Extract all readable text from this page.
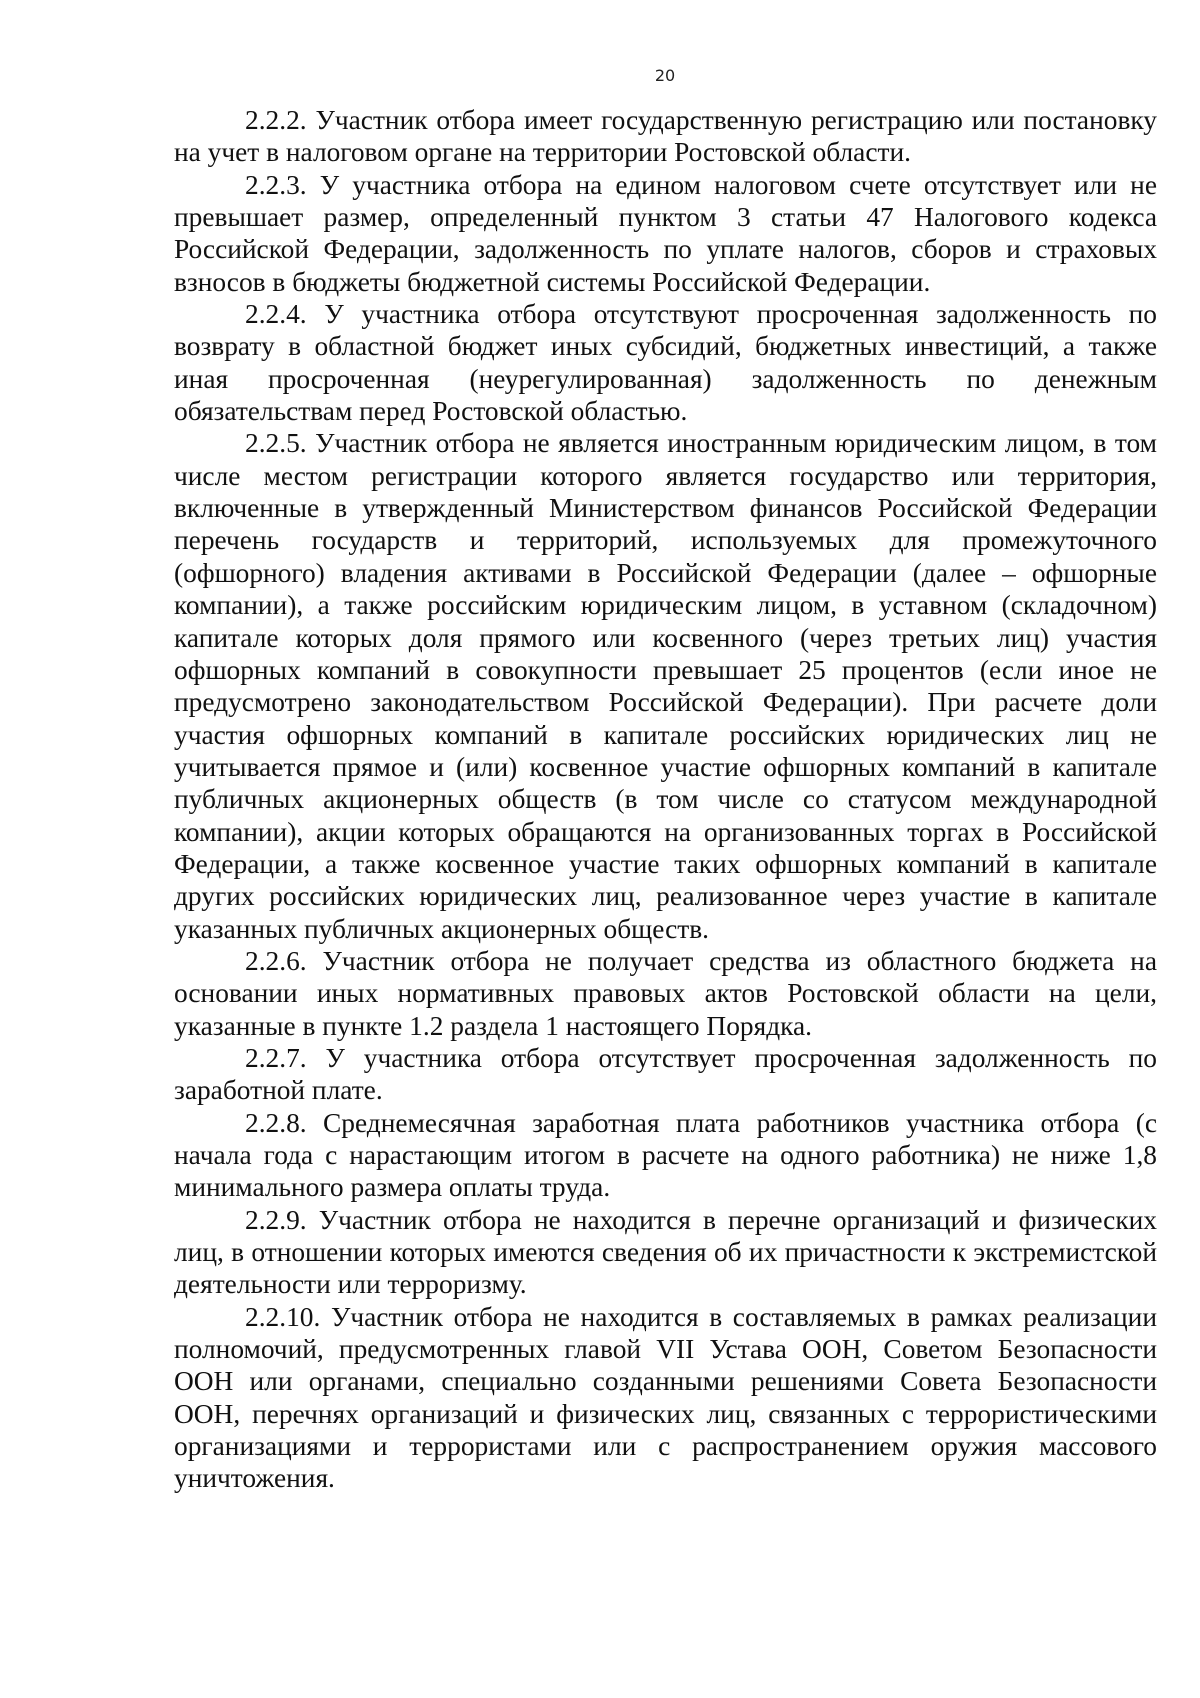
20

2.2.2. Участник отбора имеет государственную регистрацию или постановку на учет в налоговом органе на территории Ростовской области.

2.2.3. У участника отбора на едином налоговом счете отсутствует или не превышает размер, определенный пунктом 3 статьи 47 Налогового кодекса Российской Федерации, задолженность по уплате налогов, сборов и страховых взносов в бюджеты бюджетной системы Российской Федерации.

2.2.4. У участника отбора отсутствуют просроченная задолженность по возврату в областной бюджет иных субсидий, бюджетных инвестиций, а также иная просроченная (неурегулированная) задолженность по денежным обязательствам перед Ростовской областью.

2.2.5. Участник отбора не является иностранным юридическим лицом, в том числе местом регистрации которого является государство или территория, включенные в утвержденный Министерством финансов Российской Федерации перечень государств и территорий, используемых для промежуточного (офшорного) владения активами в Российской Федерации (далее – офшорные компании), а также российским юридическим лицом, в уставном (складочном) капитале которых доля прямого или косвенного (через третьих лиц) участия офшорных компаний в совокупности превышает 25 процентов (если иное не предусмотрено законодательством Российской Федерации). При расчете доли участия офшорных компаний в капитале российских юридических лиц не учитывается прямое и (или) косвенное участие офшорных компаний в капитале публичных акционерных обществ (в том числе со статусом международной компании), акции которых обращаются на организованных торгах в Российской Федерации, а также косвенное участие таких офшорных компаний в капитале других российских юридических лиц, реализованное через участие в капитале указанных публичных акционерных обществ.

2.2.6. Участник отбора не получает средства из областного бюджета на основании иных нормативных правовых актов Ростовской области на цели, указанные в пункте 1.2 раздела 1 настоящего Порядка.

2.2.7. У участника отбора отсутствует просроченная задолженность по заработной плате.

2.2.8. Среднемесячная заработная плата работников участника отбора (с начала года с нарастающим итогом в расчете на одного работника) не ниже 1,8 минимального размера оплаты труда.

2.2.9. Участник отбора не находится в перечне организаций и физических лиц, в отношении которых имеются сведения об их причастности к экстремистской деятельности или терроризму.

2.2.10. Участник отбора не находится в составляемых в рамках реализации полномочий, предусмотренных главой VII Устава ООН, Советом Безопасности ООН или органами, специально созданными решениями Совета Безопасности ООН, перечнях организаций и физических лиц, связанных с террористическими организациями и террористами или с распространением оружия массового уничтожения.
